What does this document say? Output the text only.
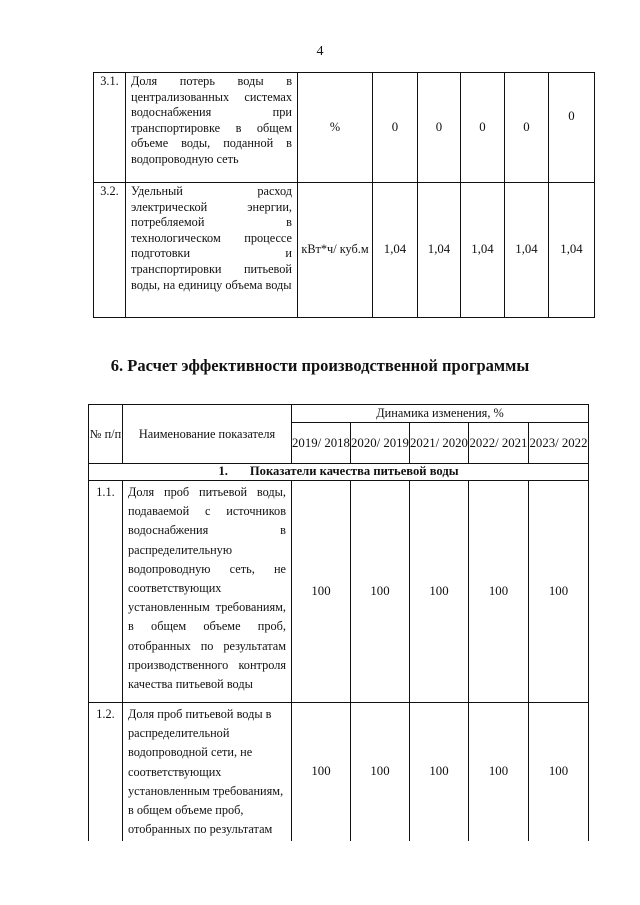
4
3.1.	Доля потерь воды в централизованных системах водоснабжения при транспортировке в общем объеме воды, поданной в водопроводную сеть	%	0	0	0	0	0
3.2.	Удельный расход электрической энергии, потребляемой в технологическом процессе подготовки и транспортировки питьевой воды, на единицу объема воды	кВт*ч/ куб.м	1,04	1,04	1,04	1,04	1,04
6. Расчет эффективности производственной программы
№ п/п	Наименование показателя	Динамика изменения, %				
		2019/ 2018	2020/ 2019	2021/ 2020	2022/ 2021	2023/ 2022
1. Показатели качества питьевой воды						
1.1.	Доля проб питьевой воды, подаваемой с источников водоснабжения в распределительную водопроводную сеть, не соответствующих установленным требованиям, в общем объеме проб, отобранных по результатам производственного контроля качества питьевой воды	100	100	100	100	100
1.2.	Доля проб питьевой воды в распределительной водопроводной сети, не соответствующих установленным требованиям, в общем объеме проб, отобранных по результатам	100	100	100	100	100
